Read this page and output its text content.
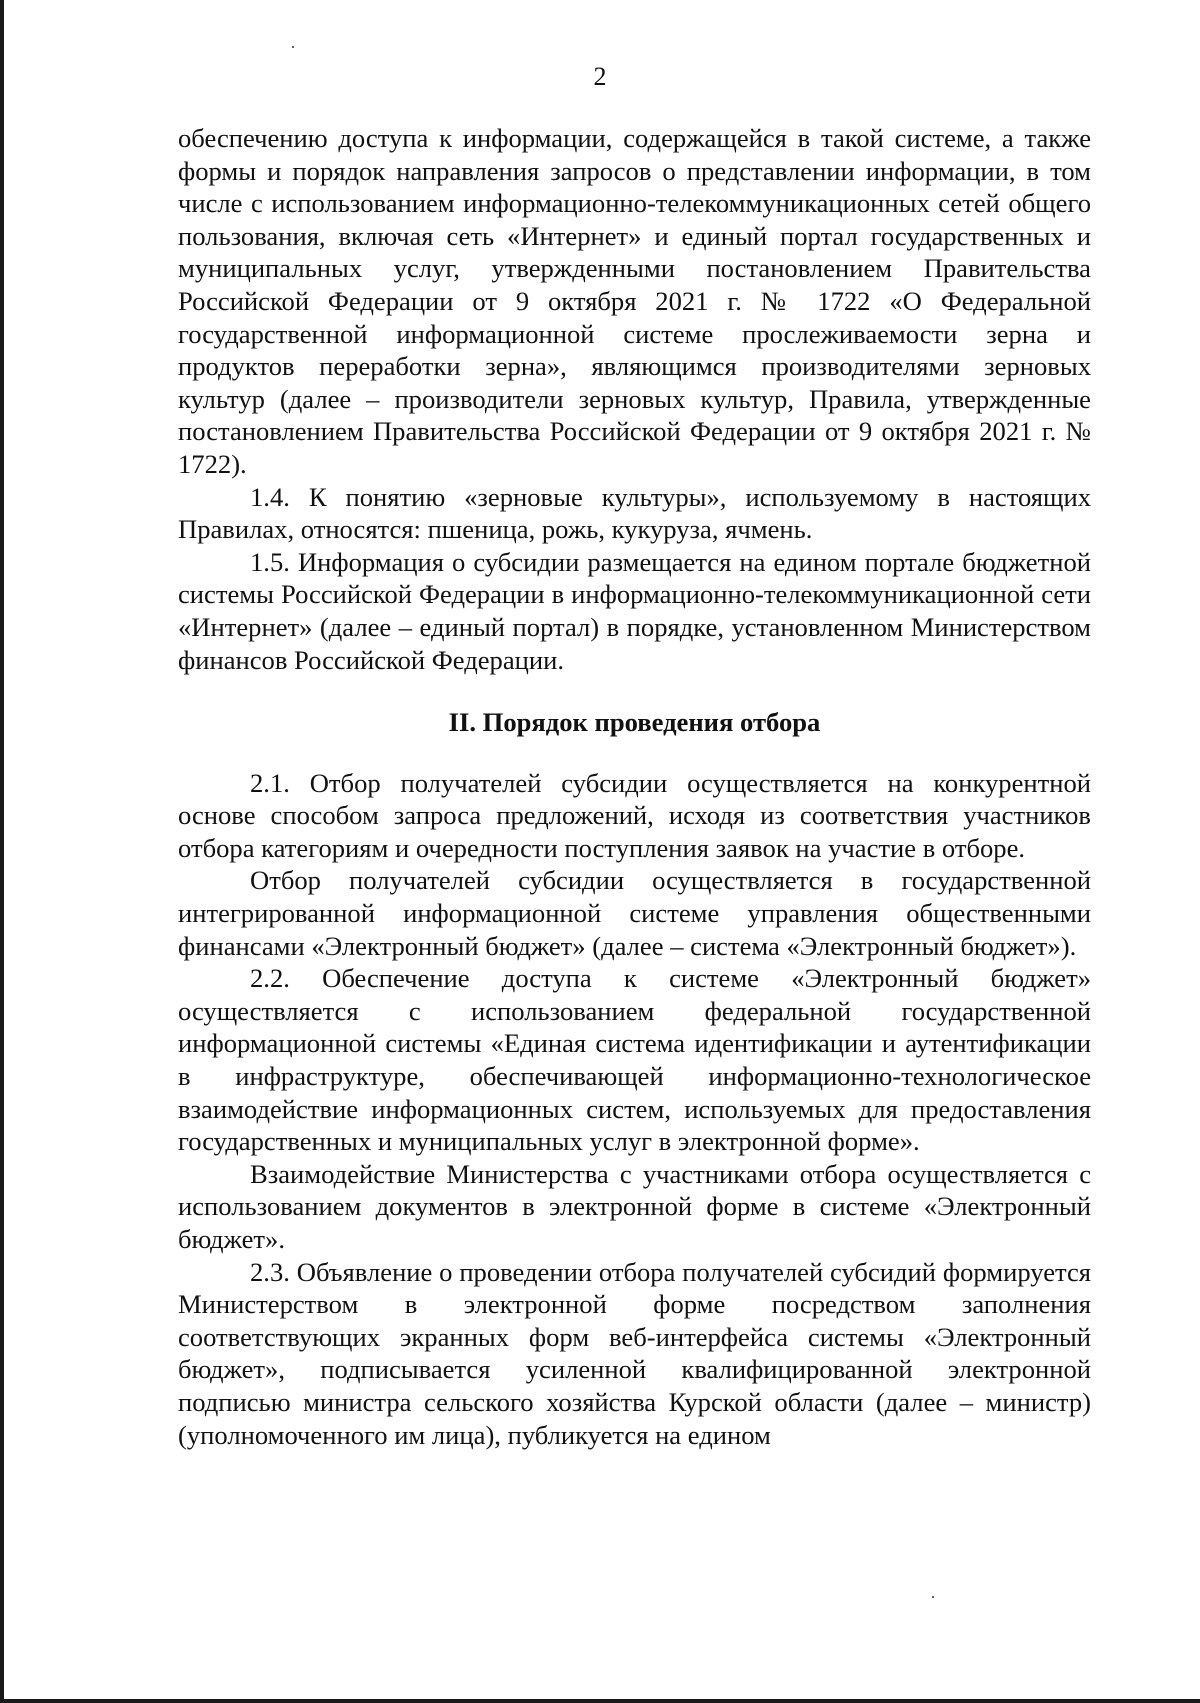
2

обеспечению доступа к информации, содержащейся в такой системе, а также формы и порядок направления запросов о представлении информации, в том числе с использованием информационно-телекоммуникационных сетей общего пользования, включая сеть «Интернет» и единый портал государственных и муниципальных услуг, утвержденными постановлением Правительства Российской Федерации от 9 октября 2021 г. № 1722 «О Федеральной государственной информационной системе прослеживаемости зерна и продуктов переработки зерна», являющимся производителями зерновых культур (далее – производители зерновых культур, Правила, утвержденные постановлением Правительства Российской Федерации от 9 октября 2021 г. № 1722).

1.4. К понятию «зерновые культуры», используемому в настоящих Правилах, относятся: пшеница, рожь, кукуруза, ячмень.

1.5. Информация о субсидии размещается на едином портале бюджетной системы Российской Федерации в информационно-телекоммуникационной сети «Интернет» (далее – единый портал) в порядке, установленном Министерством финансов Российской Федерации.

II. Порядок проведения отбора

2.1. Отбор получателей субсидии осуществляется на конкурентной основе способом запроса предложений, исходя из соответствия участников отбора категориям и очередности поступления заявок на участие в отборе.

Отбор получателей субсидии осуществляется в государственной интегрированной информационной системе управления общественными финансами «Электронный бюджет» (далее – система «Электронный бюджет»).

2.2. Обеспечение доступа к системе «Электронный бюджет» осуществляется с использованием федеральной государственной информационной системы «Единая система идентификации и аутентификации в инфраструктуре, обеспечивающей информационно-технологическое взаимодействие информационных систем, используемых для предоставления государственных и муниципальных услуг в электронной форме».

Взаимодействие Министерства с участниками отбора осуществляется с использованием документов в электронной форме в системе «Электронный бюджет».

2.3. Объявление о проведении отбора получателей субсидий формируется Министерством в электронной форме посредством заполнения соответствующих экранных форм веб-интерфейса системы «Электронный бюджет», подписывается усиленной квалифицированной электронной подписью министра сельского хозяйства Курской области (далее – министр) (уполномоченного им лица), публикуется на едином
